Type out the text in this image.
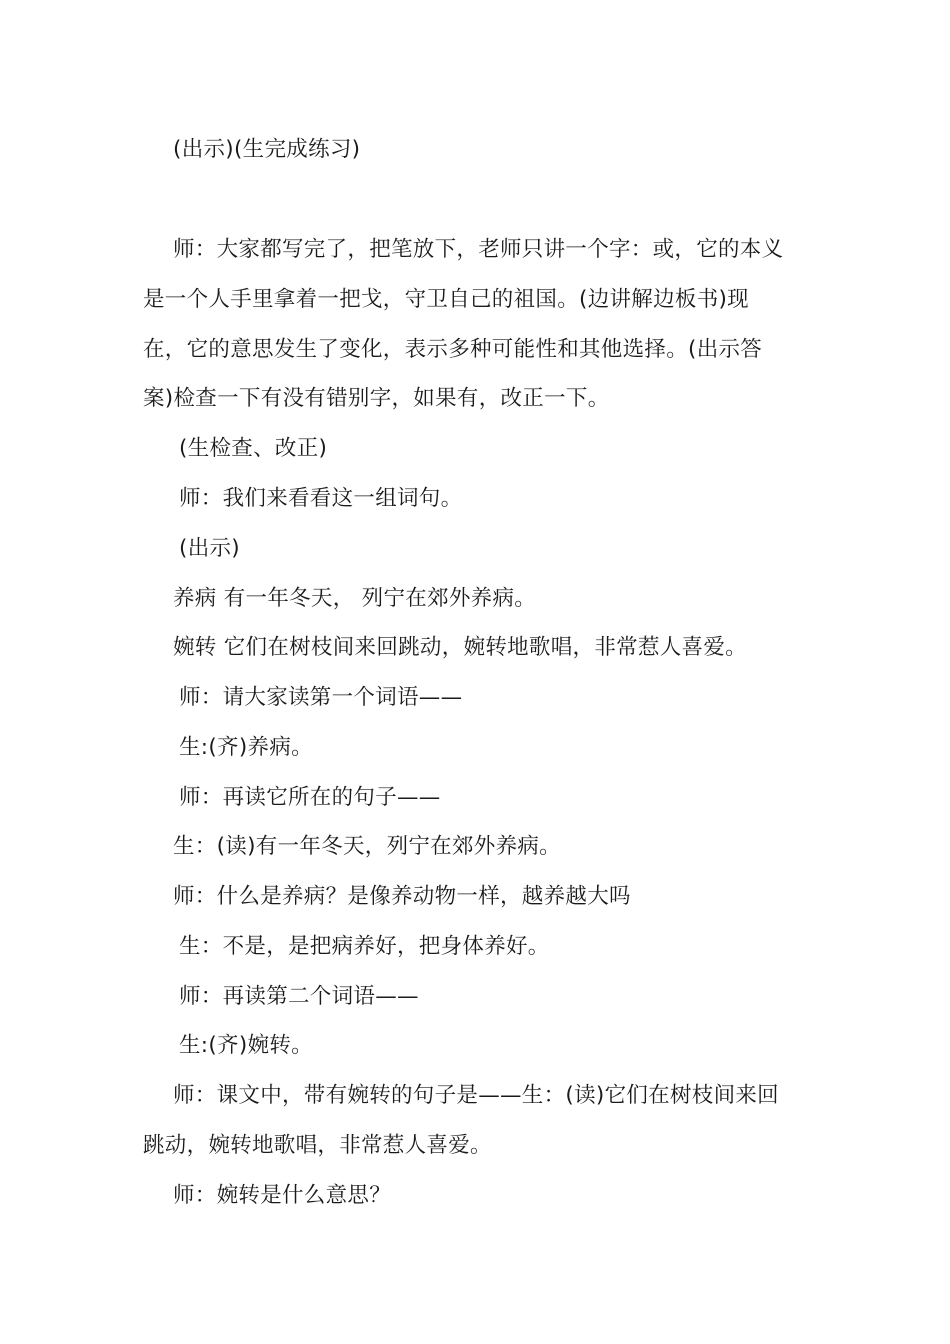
(出示)(生完成练习)
师：大家都写完了，把笔放下，老师只讲一个字：或，它的本义
是一个人手里拿着一把戈，守卫自己的祖国。(边讲解边板书)现
在，它的意思发生了变化，表示多种可能性和其他选择。(出示答
案)检查一下有没有错别字，如果有，改正一下。
(生检查、改正)
师：我们来看看这一组词句。
(出示)
养病 有一年冬天， 列宁在郊外养病。
婉转 它们在树枝间来回跳动，婉转地歌唱，非常惹人喜爱。
师：请大家读第一个词语——
生:(齐)养病。
师：再读它所在的句子——
生：(读)有一年冬天，列宁在郊外养病。
师：什么是养病？是像养动物一样，越养越大吗
生：不是，是把病养好，把身体养好。
师：再读第二个词语——
生:(齐)婉转。
师：课文中，带有婉转的句子是——生：(读)它们在树枝间来回
跳动，婉转地歌唱，非常惹人喜爱。
师：婉转是什么意思？
